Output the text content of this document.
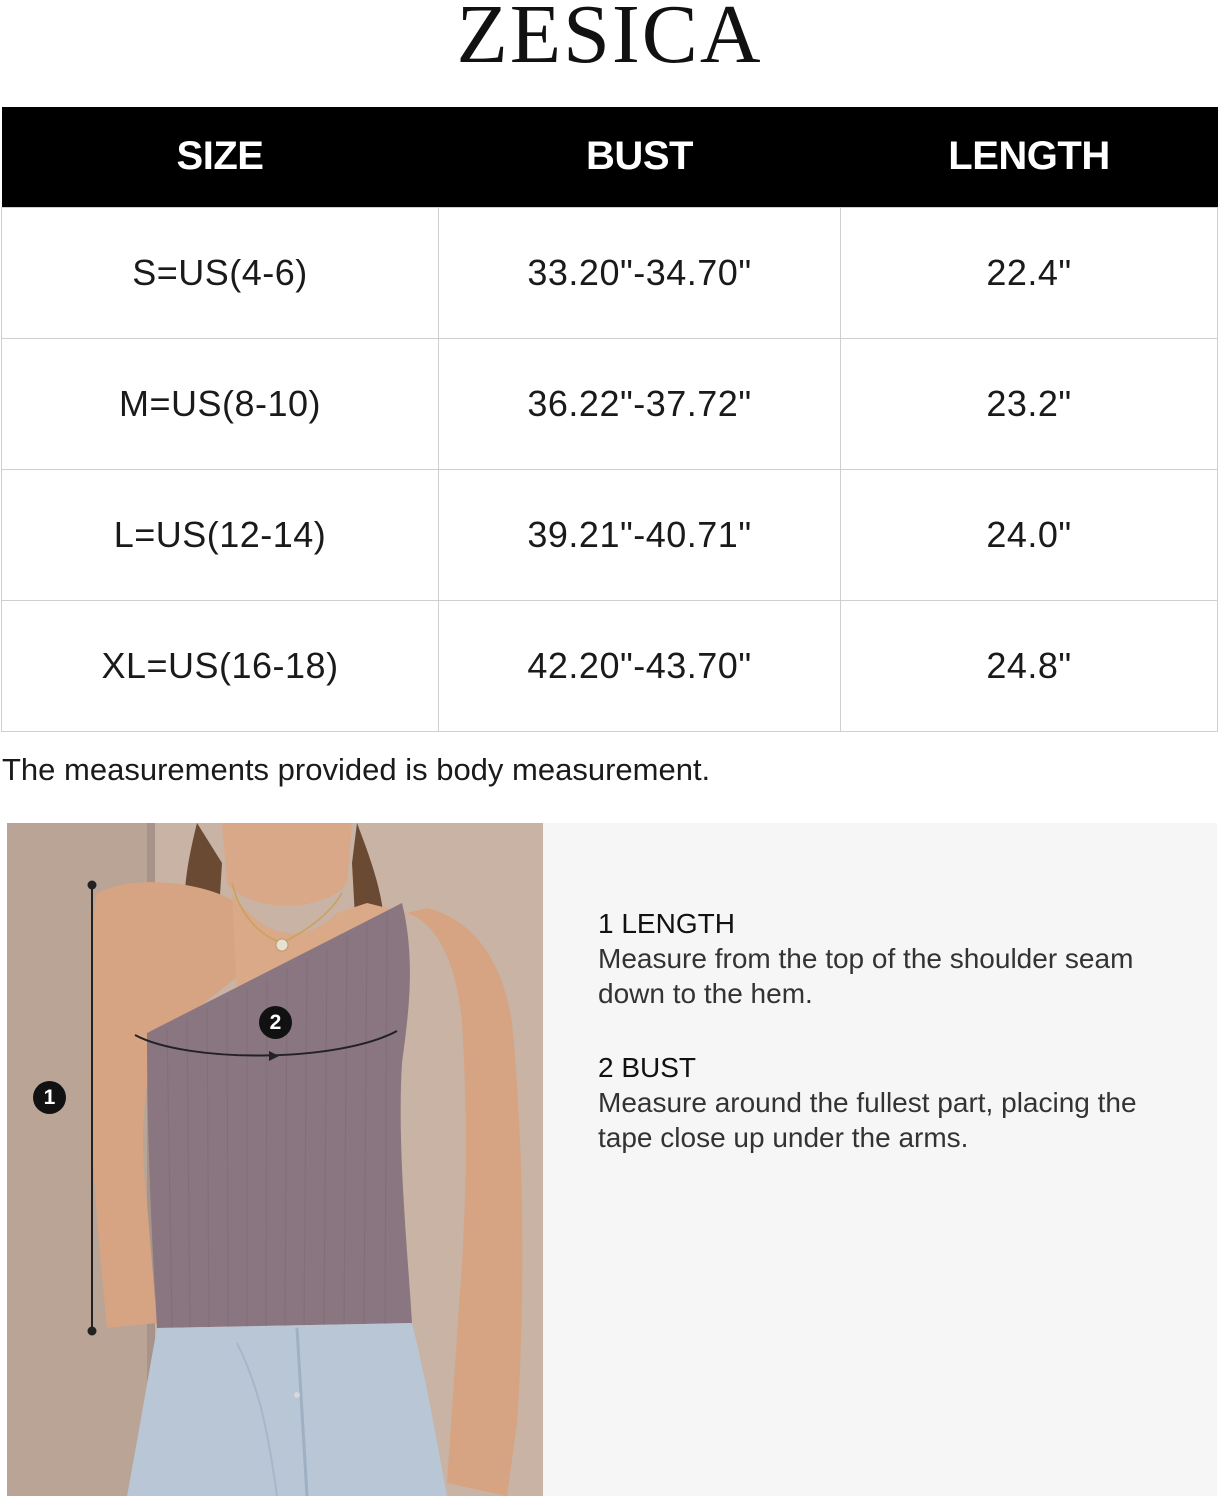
ZESICA
SIZE	BUST	LENGTH
S=US(4-6)	33.20"-34.70"	22.4"
M=US(8-10)	36.22"-37.72"	23.2"
L=US(12-14)	39.21"-40.71"	24.0"
XL=US(16-18)	42.20"-43.70"	24.8"
The measurements provided is body measurement.
1
2
1 LENGTH
Measure from the top of the shoulder seam down to the hem.
2 BUST
Measure around the fullest part, placing the tape close up under the arms.
